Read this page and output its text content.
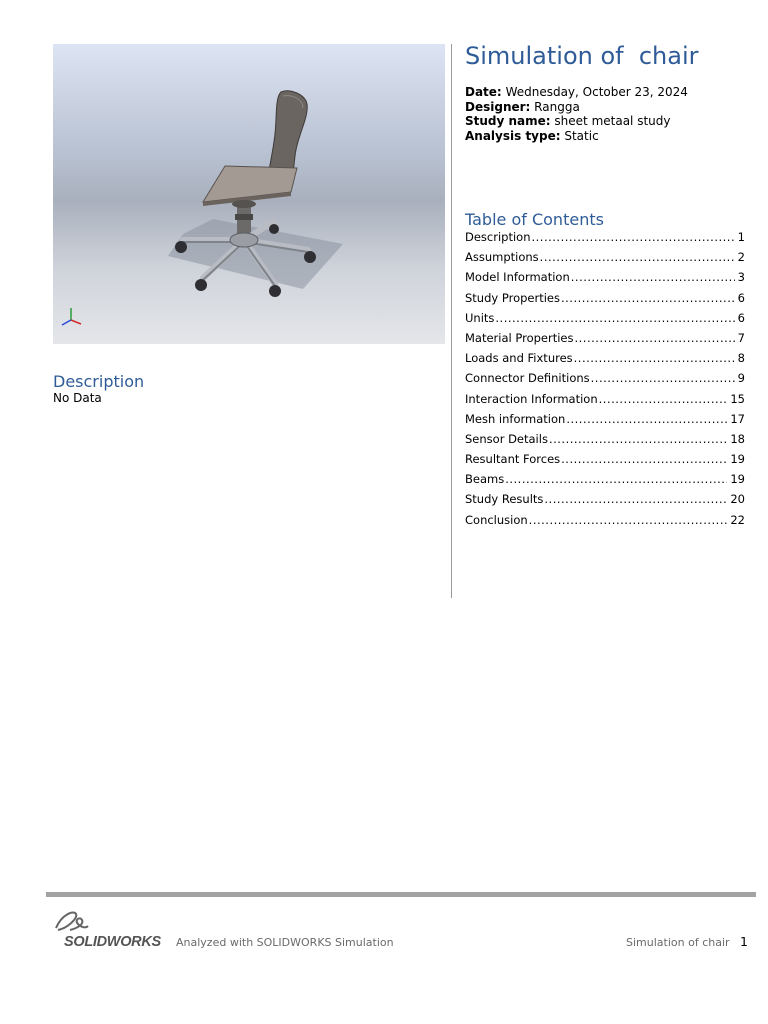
Simulation of  chair
Date: Wednesday, October 23, 2024
Designer: Rangga
Study name: sheet metaal study
Analysis type: Static
Table of Contents
Description .....	1
Assumptions .....	2
Model Information .....	3
Study Properties .....	6
Units .....	6
Material Properties .....	7
Loads and Fixtures .....	8
Connector Definitions .....	9
Interaction Information .....	15
Mesh information .....	17
Sensor Details .....	18
Resultant Forces .....	19
Beams .....	19
Study Results .....	20
Conclusion .....	22
Description
No Data
SOLIDWORKS Analyzed with SOLIDWORKS Simulation	Simulation of chair 1
